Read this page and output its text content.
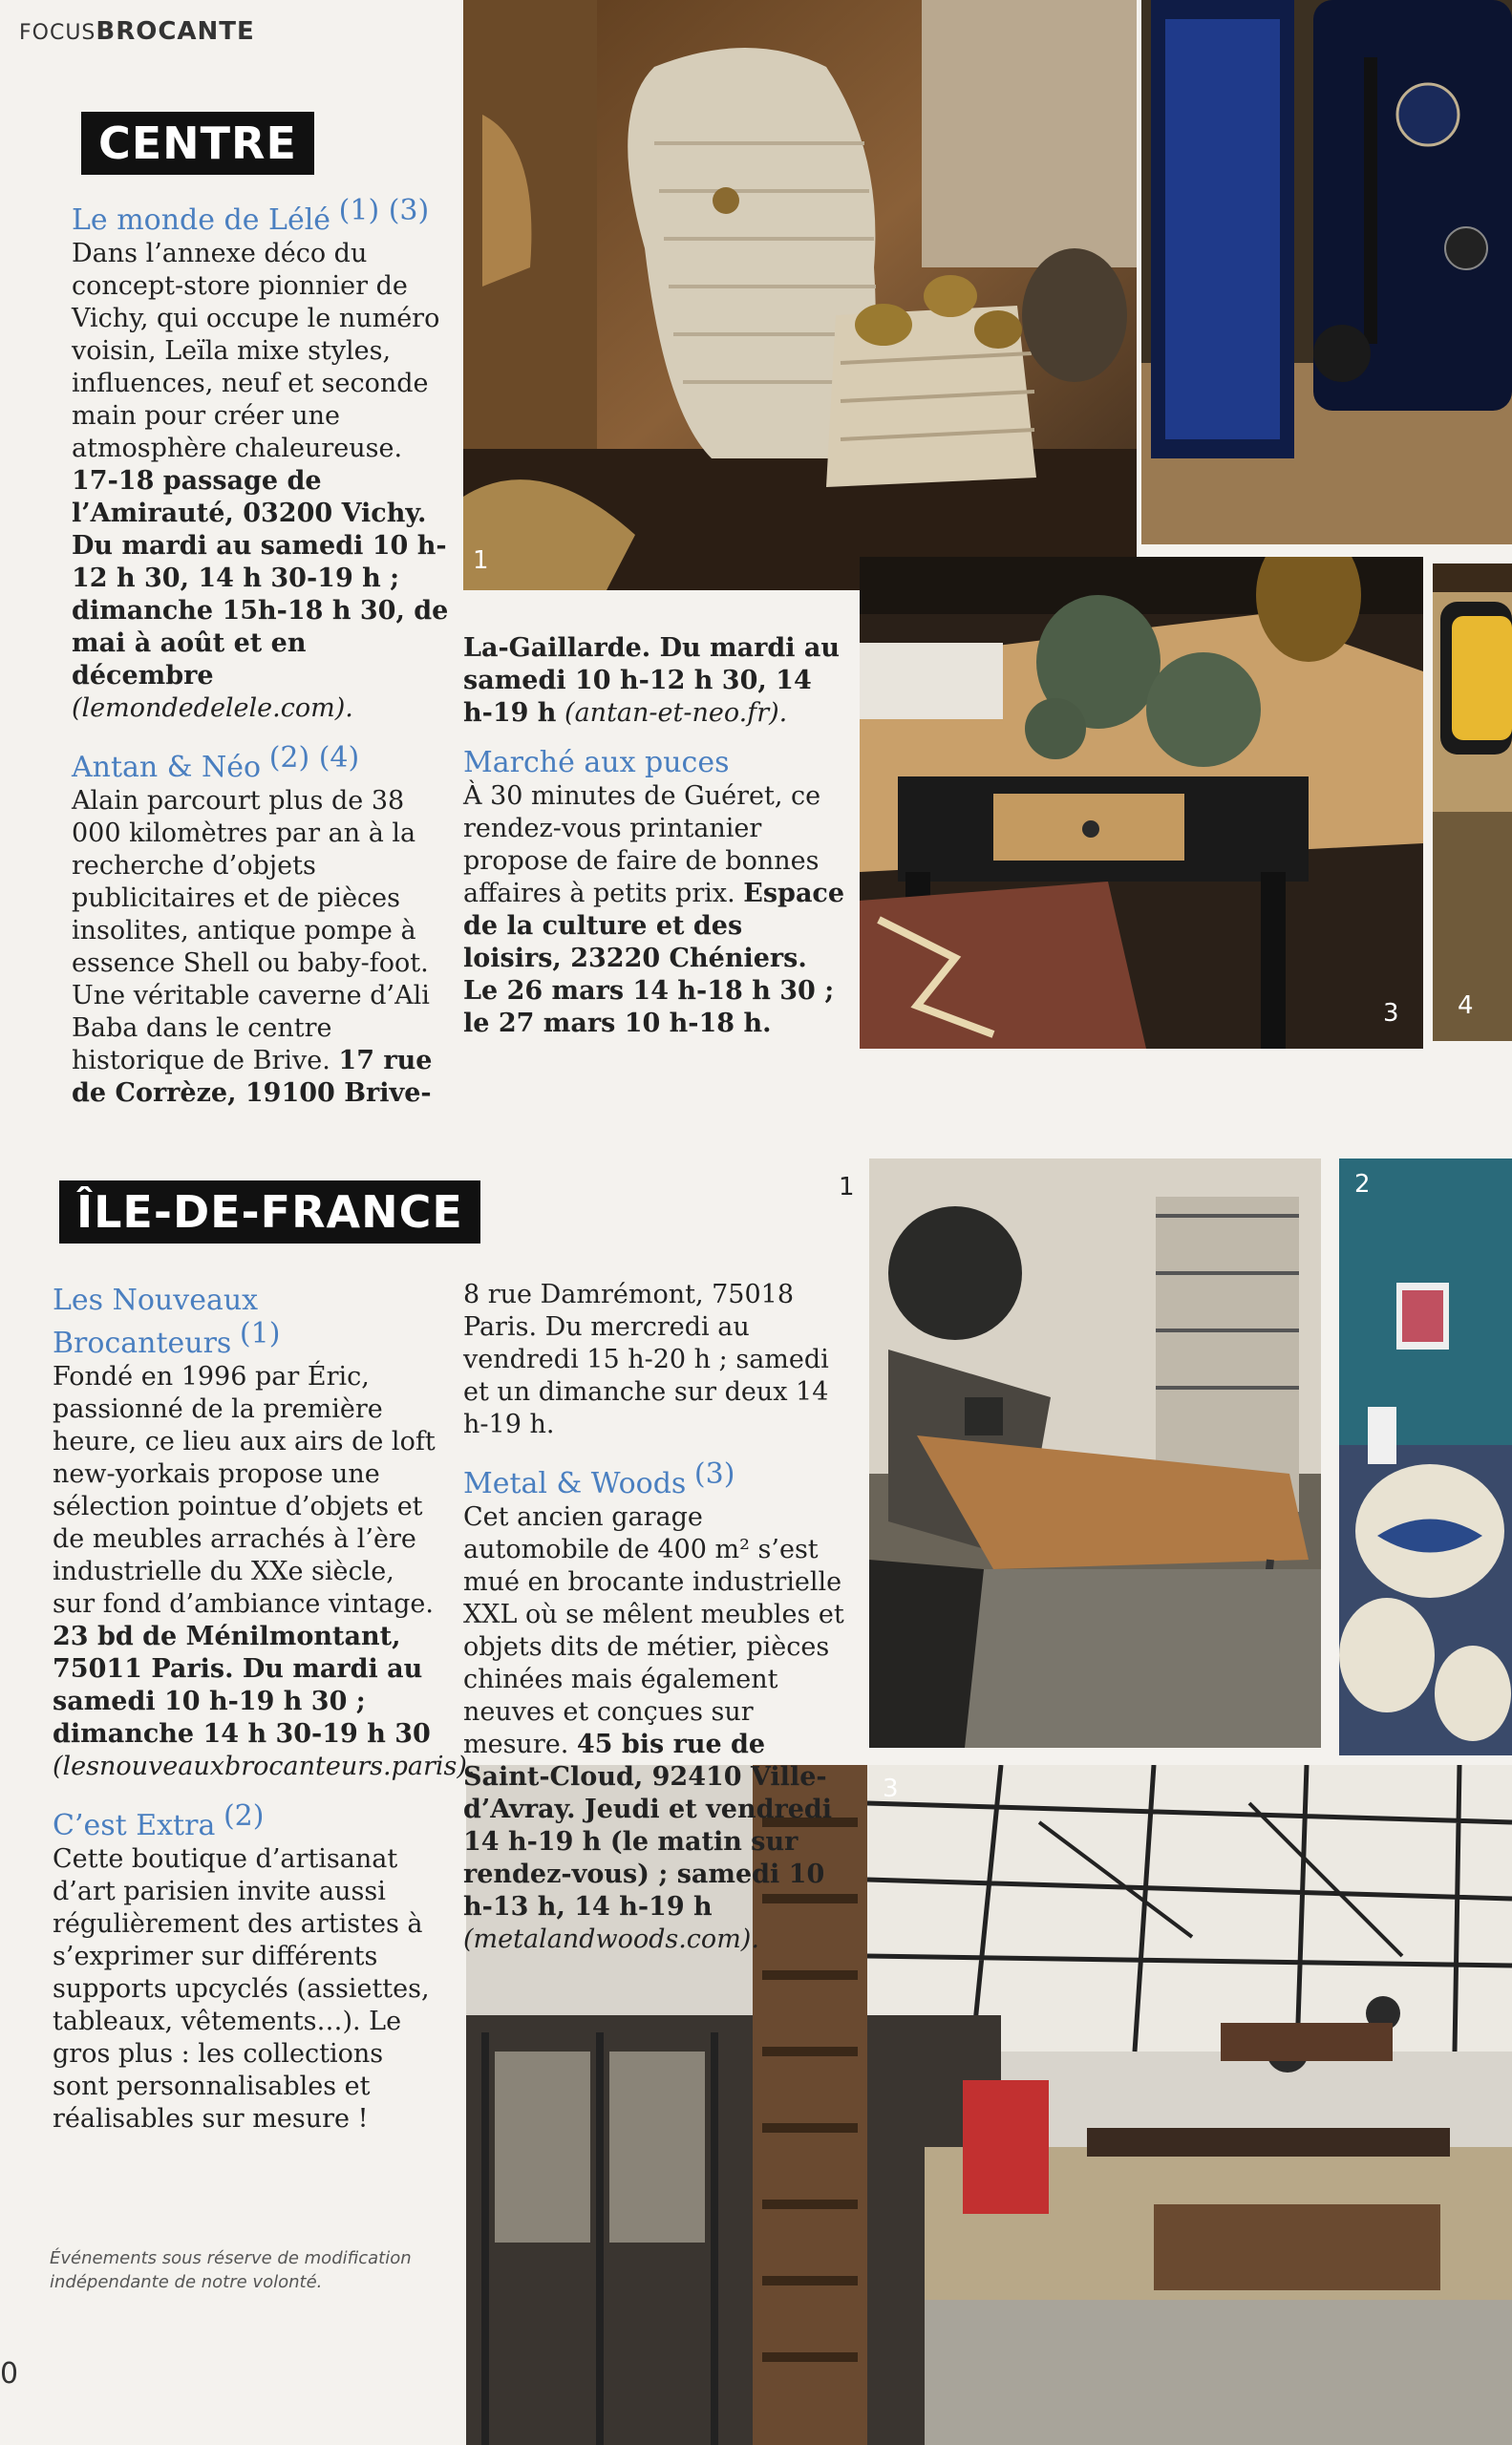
FOCUSBROCANTE
1
3 4
1	2
3
CENTRE
Le monde de Lélé $^{(1) (3)}$
Dans l’annexe déco du concept-store pionnier de Vichy, qui occupe le numéro voisin, Leïla mixe styles, influences, neuf et seconde main pour créer une atmosphère chaleureuse.
17-18 passage de l’Amirauté, 03200 Vichy. Du mardi au samedi 10 h-12 h 30, 14 h 30-19 h ; dimanche 15h-18 h 30, de mai à août et en décembre (lemondedelele.com).
Antan & Néo $^{(2) (4)}$
Alain parcourt plus de 38 000 kilomètres par an à la recherche d’objets publicitaires et de pièces insolites, antique pompe à essence Shell ou baby-foot. Une véritable caverne d’Ali Baba dans le centre historique de Brive. 17 rue de Corrèze, 19100 Brive-
La-Gaillarde. Du mardi au samedi 10 h-12 h 30, 14 h-19 h (antan-et-neo.fr).
Marché aux puces
À 30 minutes de Guéret, ce rendez-vous printanier propose de faire de bonnes affaires à petits prix. Espace de la culture et des loisirs, 23220 Chéniers. Le 26 mars 14 h-18 h 30 ; le 27 mars 10 h-18 h.
ÎLE-DE-FRANCE
Les Nouveaux
Brocanteurs $^{(1)}$
Fondé en 1996 par Éric, passionné de la première heure, ce lieu aux airs de loft new-yorkais propose une sélection pointue d’objets et de meubles arrachés à l’ère industrielle du XXe siècle, sur fond d’ambiance vintage.
23 bd de Ménilmontant, 75011 Paris. Du mardi au samedi 10 h-19 h 30 ; dimanche 14 h 30-19 h 30 (lesnouveauxbrocanteurs.paris).
C’est Extra $^{(2)}$
Cette boutique d’artisanat d’art parisien invite aussi régulièrement des artistes à s’exprimer sur différents supports upcyclés (assiettes, tableaux, vêtements…). Le gros plus : les collections sont personnalisables et réalisables sur mesure !
8 rue Damrémont, 75018 Paris. Du mercredi au vendredi 15 h-20 h ; samedi et un dimanche sur deux 14 h-19 h.
Metal & Woods $^{(3)}$
Cet ancien garage automobile de 400 m² s’est mué en brocante industrielle XXL où se mêlent meubles et objets dits de métier, pièces chinées mais également neuves et conçues sur mesure. 45 bis rue de Saint-Cloud, 92410 Ville-d’Avray. Jeudi et vendredi 14 h-19 h (le matin sur rendez-vous) ; samedi 10 h-13 h, 14 h-19 h (metalandwoods.com).
Événements sous réserve de modification indépendante de notre volonté.
0
